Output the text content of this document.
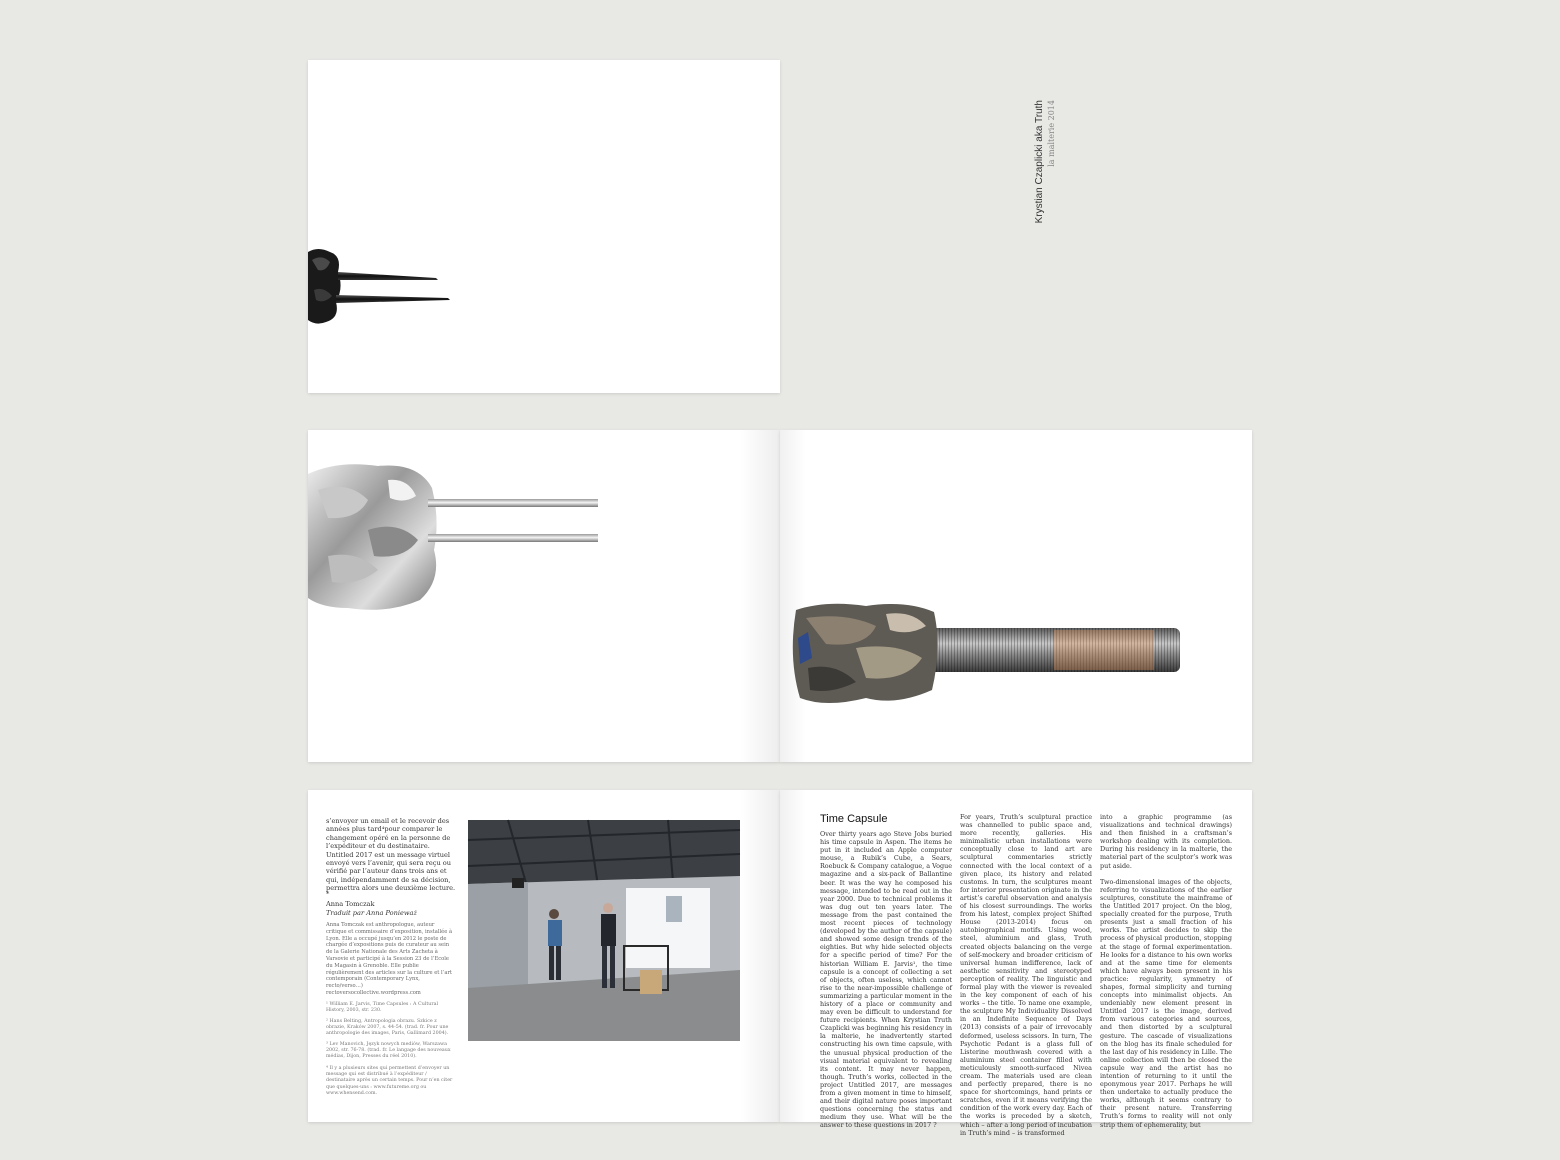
Krystian Czaplicki aka Truth la malterie 2014
s’envoyer un email et le recevoir des années plus tard⁴pour comparer le changement opéré en la personne de l’expéditeur et du destinataire. Untitled 2017 est un message virtuel envoyé vers l’avenir, qui sera reçu ou vérifié par l’auteur dans trois ans et qui, indépendamment de sa décision, permettra alors une deuxième lecture.
*
Anna Tomczak
Traduit par Anna Ponieważ
Anna Tomczak est anthropologue, auteur critique et commissaire d’exposition, installée à Lyon. Elle a occupé jusqu’en 2012 le poste de chargée d’expositions puis de curateur au sein de la Galerie Nationale des Arts Zacheta à Varsovie et participé à la Session 23 de l’Ecole du Magasin à Grenoble. Elle publie régulièrement des articles sur la culture et l’art contemporain (Contemporary Lynx, recto/verso…) rectoversocollective.wordpress.com
¹ William E. Jarvis, Time Capsules : A Cultural History, 2003, str. 230.
² Hans Belting, Antropologia obrazu. Szkice z obrazie, Kraków 2007, s. 44-54. (trad. fr. Pour une anthropologie des images, Paris, Gallimard 2004).
³ Lev Manovich, Język nowych mediów, Warszawa 2002, str. 76-78. (trad. fr. Le langage des nouveaux médias, Dijon, Presses du réel 2010).
⁴ Il y a plusieurs sites qui permettent d’envoyer un message qui est distribué à l’expéditeur / destinataire après un certain temps. Pour n’en citer que quelques-uns : www.futureme.org ou www.whensend.com.
Time Capsule
Over thirty years ago Steve Jobs buried his time capsule in Aspen. The items he put in it included an Apple computer mouse, a Rubik’s Cube, a Sears, Roebuck & Company catalogue, a Vogue magazine and a six-pack of Ballantine beer. It was the way he composed his message, intended to be read out in the year 2000. Due to technical problems it was dug out ten years later. The message from the past contained the most recent pieces of technology (developed by the author of the capsule) and showed some design trends of the eighties. But why hide selected objects for a specific period of time? For the historian William E. Jarvis¹, the time capsule is a concept of collecting a set of objects, often useless, which cannot rise to the near-impossible challenge of summarizing a particular moment in the history of a place or community and may even be difficult to understand for future recipients. When Krystian Truth Czaplicki was beginning his residency in la malterie, he inadvertently started constructing his own time capsule, with the unusual physical production of the visual material equivalent to revealing its content. It may never happen, though. Truth’s works, collected in the project Untitled 2017, are messages from a given moment in time to himself, and their digital nature poses important questions concerning the status and medium they use. What will be the answer to these questions in 2017 ?
For years, Truth’s sculptural practice was channelled to public space and, more recently, galleries. His minimalistic urban installations were conceptually close to land art are sculptural commentaries strictly connected with the local context of a given place, its history and related customs. In turn, the sculptures meant for interior presentation originate in the artist’s careful observation and analysis of his closest surroundings. The works from his latest, complex project Shifted House (2013-2014) focus on autobiographical motifs. Using wood, steel, aluminium and glass, Truth created objects balancing on the verge of self-mockery and broader criticism of universal human indifference, lack of aesthetic sensitivity and stereotyped perception of reality. The linguistic and formal play with the viewer is revealed in the key component of each of his works – the title. To name one example, the sculpture My Individuality Dissolved in an Indefinite Sequence of Days (2013) consists of a pair of irrevocably deformed, useless scissors. In turn, The Psychotic Pedant is a glass full of Listerine mouthwash covered with a aluminium steel container filled with meticulously smooth-surfaced Nivea cream. The materials used are clean and perfectly prepared, there is no space for shortcomings, hand prints or scratches, even if it means verifying the condition of the work every day. Each of the works is preceded by a sketch, which – after a long period of incubation in Truth’s mind – is transformed
into a graphic programme (as visualizations and technical drawings) and then finished in a craftsman’s workshop dealing with its completion. During his residency in la malterie, the material part of the sculptor’s work was put aside.

Two-dimensional images of the objects, referring to visualizations of the earlier sculptures, constitute the mainframe of the Untitled 2017 project. On the blog, specially created for the purpose, Truth presents just a small fraction of his works. The artist decides to skip the process of physical production, stopping at the stage of formal experimentation. He looks for a distance to his own works and at the same time for elements which have always been present in his practice: regularity, symmetry of shapes, formal simplicity and turning concepts into minimalist objects. An undeniably new element present in Untitled 2017 is the image, derived from various categories and sources, and then distorted by a sculptural gesture. The cascade of visualizations on the blog has its finale scheduled for the last day of his residency in Lille. The online collection will then be closed the capsule way and the artist has no intention of returning to it until the eponymous year 2017. Perhaps he will then undertake to actually produce the works, although it seems contrary to their present nature. Transferring Truth’s forms to reality will not only strip them of ephemerality, but
